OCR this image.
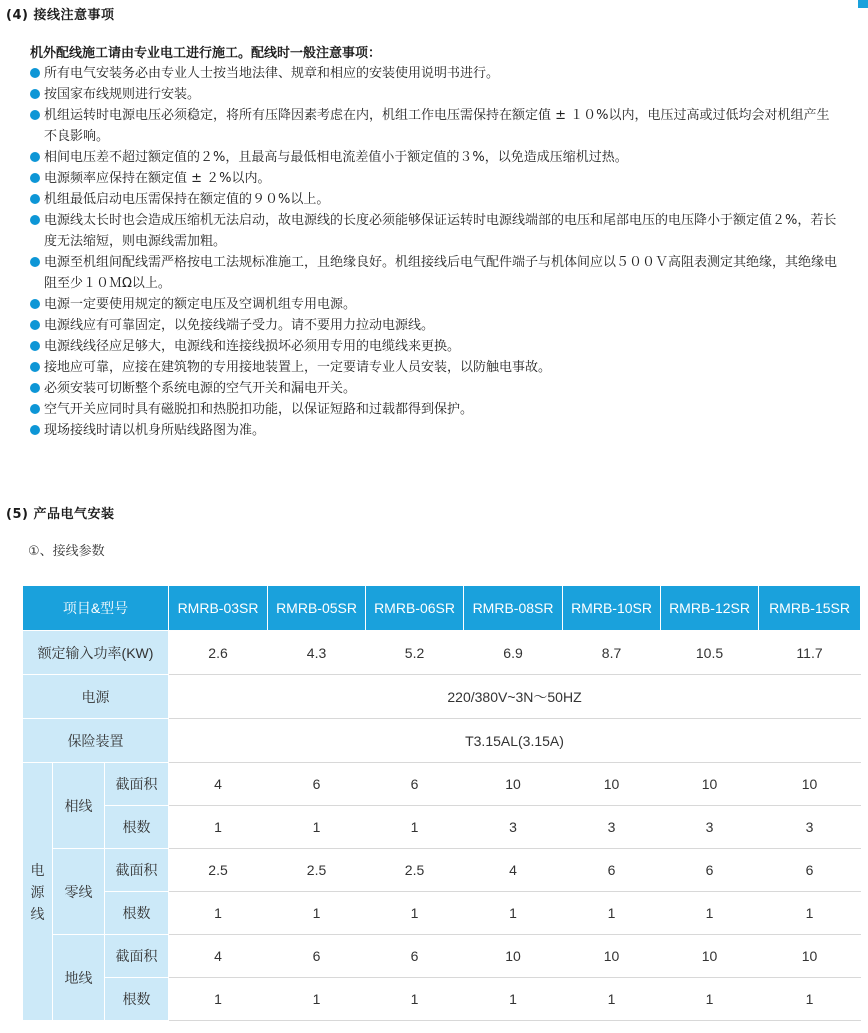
(4) 接线注意事项
机外配线施工请由专业电工进行施工。配线时一般注意事项：
所有电气安装务必由专业人士按当地法律、规章和相应的安装使用说明书进行。
按国家布线规则进行安装。
机组运转时电源电压必须稳定，将所有压降因素考虑在内，机组工作电压需保持在额定值 ± １０%以内，电压过高或过低均会对机组产生不良影响。
相间电压差不超过额定值的２%，且最高与最低相电流差值小于额定值的３%，以免造成压缩机过热。
电源频率应保持在额定值 ± ２%以内。
机组最低启动电压需保持在额定值的９０%以上。
电源线太长时也会造成压缩机无法启动，故电源线的长度必须能够保证运转时电源线端部的电压和尾部电压的电压降小于额定值２%，若长度无法缩短，则电源线需加粗。
电源至机组间配线需严格按电工法规标准施工，且绝缘良好。机组接线后电气配件端子与机体间应以５００Ｖ高阻表测定其绝缘，其绝缘电阻至少１０ＭΩ以上。
电源一定要使用规定的额定电压及空调机组专用电源。
电源线应有可靠固定，以免接线端子受力。请不要用力拉动电源线。
电源线线径应足够大，电源线和连接线损坏必须用专用的电缆线来更换。
接地应可靠，应接在建筑物的专用接地装置上，一定要请专业人员安装，以防触电事故。
必须安装可切断整个系统电源的空气开关和漏电开关。
空气开关应同时具有磁脱扣和热脱扣功能，以保证短路和过载都得到保护。
现场接线时请以机身所贴线路图为准。
(5) 产品电气安装
①、接线参数
项目&型号			RMRB-03SR	RMRB-05SR	RMRB-06SR	RMRB-08SR	RMRB-10SR	RMRB-12SR	RMRB-15SR
额定输入功率(KW)			2.6	4.3	5.2	6.9	8.7	10.5	11.7
电源			220/380V~3N～50HZ						
保险装置			T3.15AL(3.15A)						
电
源
线	相线	截面积	4	6	6	10	10	10	10
		根数	1	1	1	3	3	3	3
	零线	截面积	2.5	2.5	2.5	4	6	6	6
		根数	1	1	1	1	1	1	1
	地线	截面积	4	6	6	10	10	10	10
		根数	1	1	1	1	1	1	1
